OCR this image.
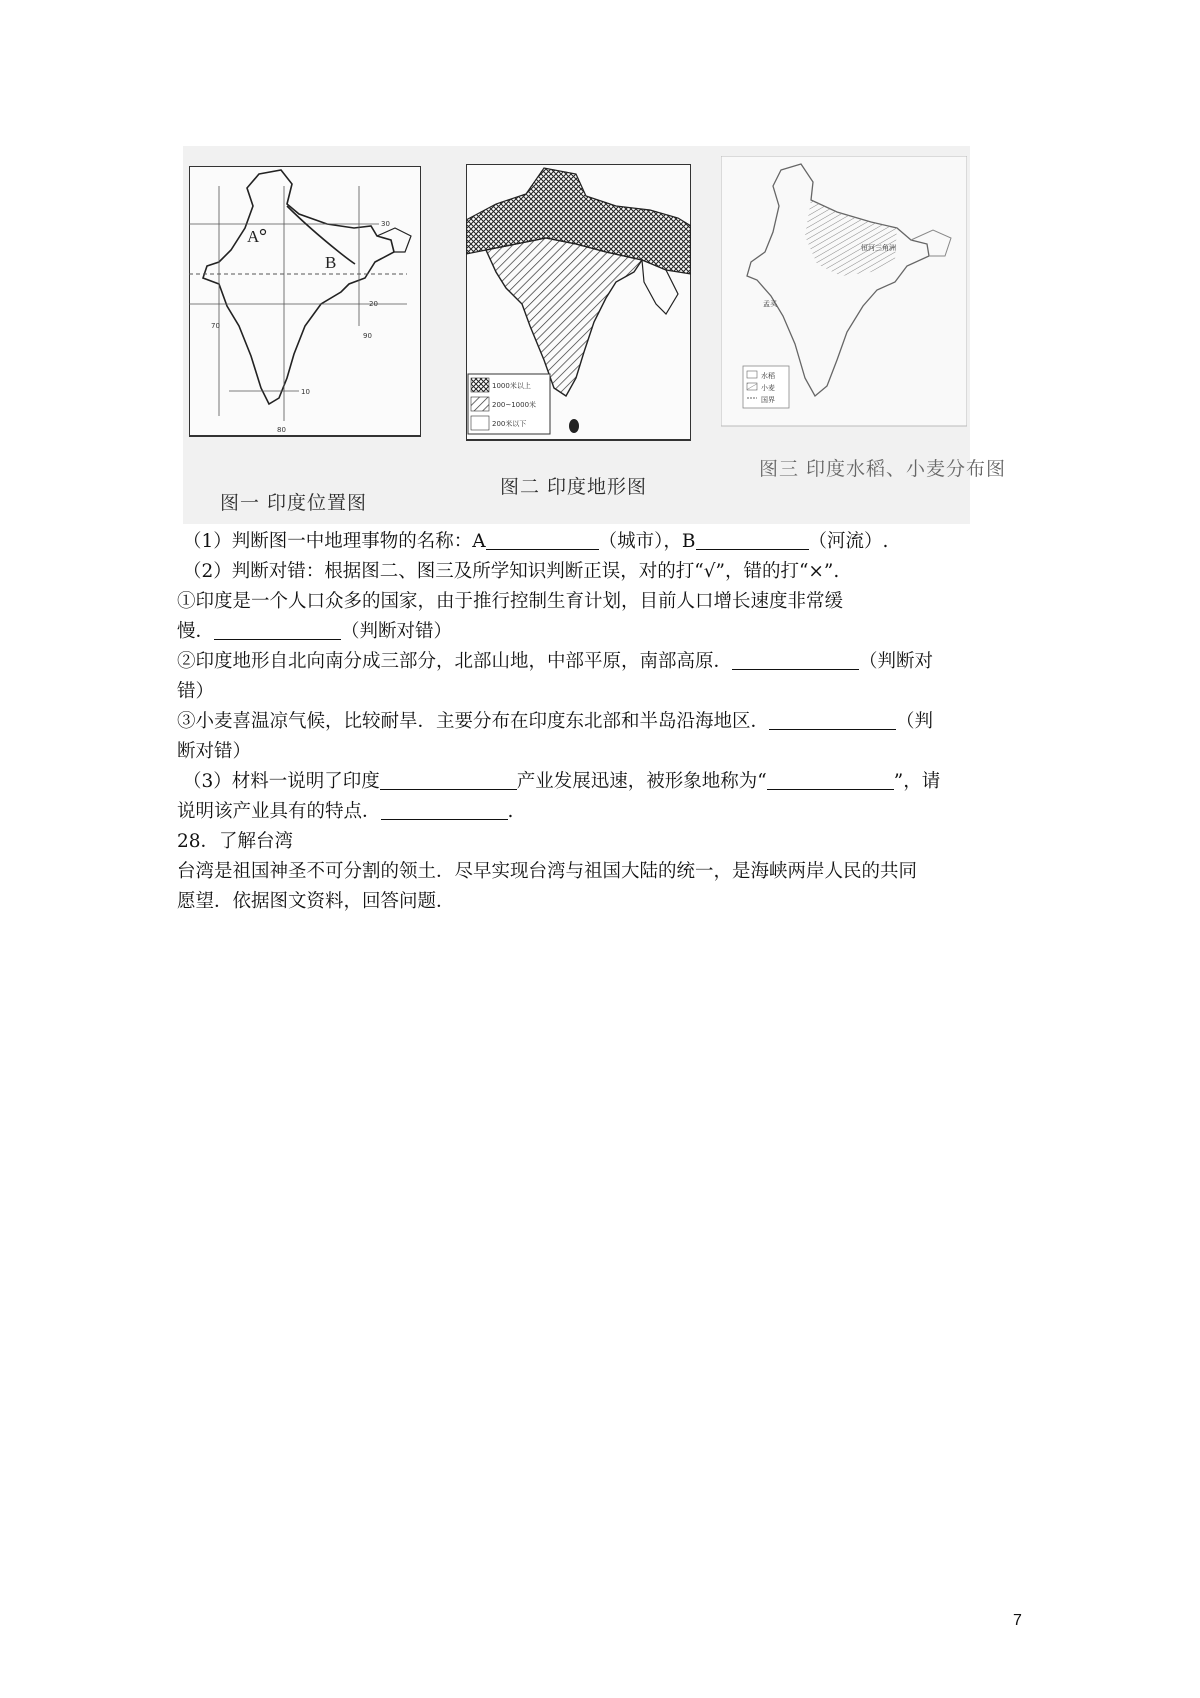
A
B
30
20
10
70
80
90
1000米以上
200~1000米
200米以下
恒河三角洲
孟买
水稻
小麦
国界
图一 印度位置图
图二 印度地形图
图三 印度水稻、小麦分布图
（1）判断图一中地理事物的名称：A	（城市），B	（河流）.
（2）判断对错：根据图二、图三及所学知识判断正误，对的打“√”，错的打“×”.
①印度是一个人口众多的国家，由于推行控制生育计划，目前人口增长速度非常缓
慢．	（判断对错）
②印度地形自北向南分成三部分，北部山地，中部平原，南部高原．	（判断对
错）
③小麦喜温凉气候，比较耐旱．主要分布在印度东北部和半岛沿海地区．	（判
断对错）
（3）材料一说明了印度	产业发展迅速，被形象地称为“	”，请
说明该产业具有的特点．	.
28．了解台湾
台湾是祖国神圣不可分割的领土．尽早实现台湾与祖国大陆的统一，是海峡两岸人民的共同
愿望．依据图文资料，回答问题．
7
